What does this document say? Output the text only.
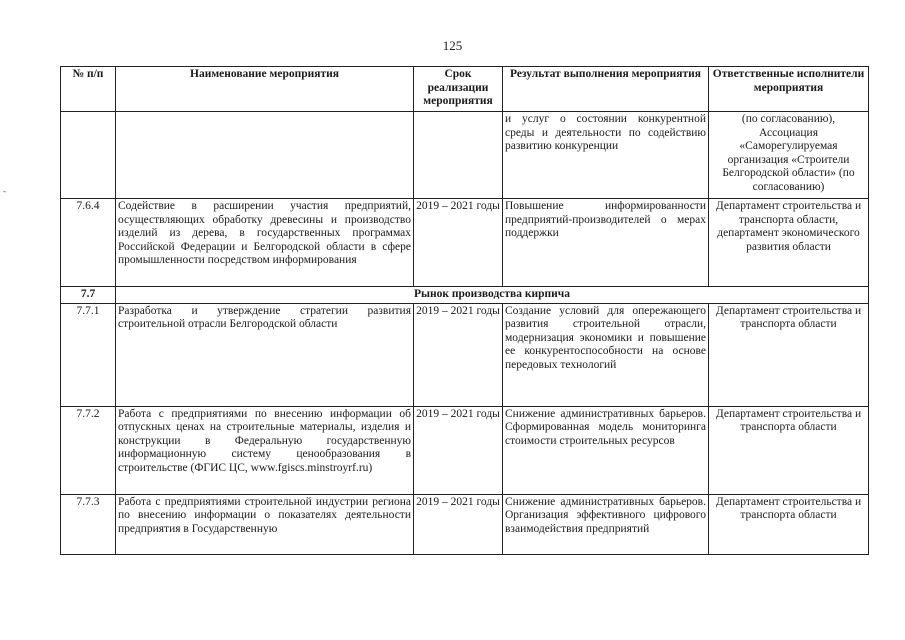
125
-
№ п/п	Наименование мероприятия	Срок реализации мероприятия	Результат выполнения мероприятия	Ответственные исполнители мероприятия
			и услуг о состоянии конкурентной среды и деятельности по содействию развитию конкуренции	(по согласованию), Ассоциация «Саморегулируемая организация «Строители Белгородской области» (по согласованию)
7.6.4	Содействие в расширении участия предприятий, осуществляющих обработку древесины и производство изделий из дерева, в государственных программах Российской Федерации и Белгородской области в сфере промышленности посредством информирования	2019 – 2021 годы	Повышение информированности предприятий-производителей о мерах поддержки	Департамент строительства и транспорта области, департамент экономического развития области
7.7	Рынок производства кирпича			
7.7.1	Разработка и утверждение стратегии развития строительной отрасли Белгородской области	2019 – 2021 годы	Создание условий для опережающего развития строительной отрасли, модернизация экономики и повышение ее конкурентоспособности на основе передовых технологий	Департамент строительства и транспорта области
7.7.2	Работа с предприятиями по внесению информации об отпускных ценах на строительные материалы, изделия и конструкции в Федеральную государственную информационную систему ценообразования в строительстве (ФГИС ЦС, www.fgiscs.minstroyrf.ru)	2019 – 2021 годы	Снижение административных барьеров. Сформированная модель мониторинга стоимости строительных ресурсов	Департамент строительства и транспорта области
7.7.3	Работа с предприятиями строительной индустрии региона по внесению информации о показателях деятельности предприятия в Государственную	2019 – 2021 годы	Снижение административных барьеров. Организация эффективного цифрового взаимодействия предприятий	Департамент строительства и транспорта области
